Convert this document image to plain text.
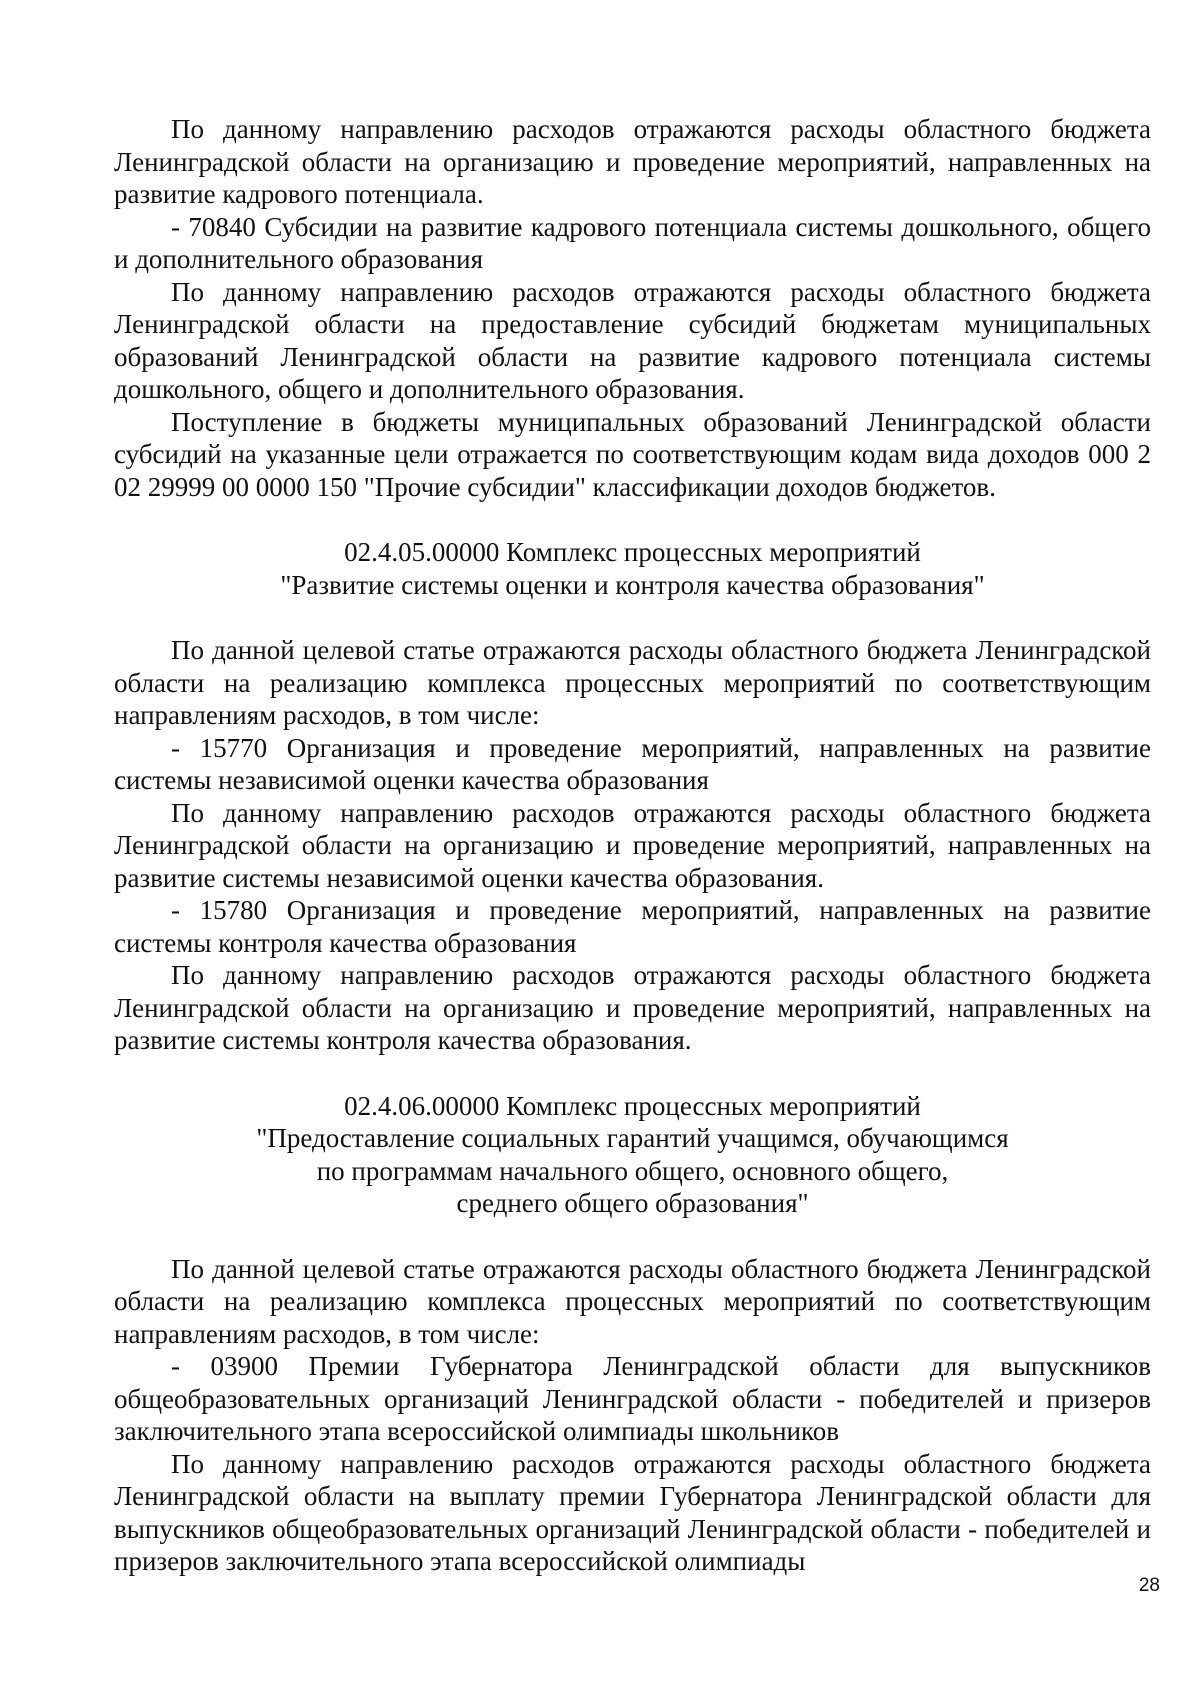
По данному направлению расходов отражаются расходы областного бюджета Ленинградской области на организацию и проведение мероприятий, направленных на развитие кадрового потенциала.

- 70840 Субсидии на развитие кадрового потенциала системы дошкольного, общего и дополнительного образования

По данному направлению расходов отражаются расходы областного бюджета Ленинградской области на предоставление субсидий бюджетам муниципальных образований Ленинградской области на развитие кадрового потенциала системы дошкольного, общего и дополнительного образования.

Поступление в бюджеты муниципальных образований Ленинградской области субсидий на указанные цели отражается по соответствующим кодам вида доходов 000 2 02 29999 00 0000 150 "Прочие субсидии" классификации доходов бюджетов.

02.4.05.00000 Комплекс процессных мероприятий
"Развитие системы оценки и контроля качества образования"

По данной целевой статье отражаются расходы областного бюджета Ленинградской области на реализацию комплекса процессных мероприятий по соответствующим направлениям расходов, в том числе:

- 15770 Организация и проведение мероприятий, направленных на развитие системы независимой оценки качества образования

По данному направлению расходов отражаются расходы областного бюджета Ленинградской области на организацию и проведение мероприятий, направленных на развитие системы независимой оценки качества образования.

- 15780 Организация и проведение мероприятий, направленных на развитие системы контроля качества образования

По данному направлению расходов отражаются расходы областного бюджета Ленинградской области на организацию и проведение мероприятий, направленных на развитие системы контроля качества образования.

02.4.06.00000 Комплекс процессных мероприятий
"Предоставление социальных гарантий учащимся, обучающимся
по программам начального общего, основного общего,
среднего общего образования"

По данной целевой статье отражаются расходы областного бюджета Ленинградской области на реализацию комплекса процессных мероприятий по соответствующим направлениям расходов, в том числе:

- 03900 Премии Губернатора Ленинградской области для выпускников общеобразовательных организаций Ленинградской области - победителей и призеров заключительного этапа всероссийской олимпиады школьников

По данному направлению расходов отражаются расходы областного бюджета Ленинградской области на выплату премии Губернатора Ленинградской области для выпускников общеобразовательных организаций Ленинградской области - победителей и призеров заключительного этапа всероссийской олимпиады

28
